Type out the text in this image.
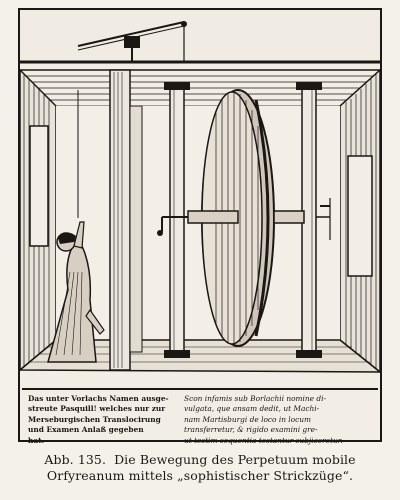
Das unter Vorlachs Namen ausge-
streute Pasquill! welches nur zur
Merseburgischen Translocirung
und Examen Anlaß gegeben
hat.
Scon infamis sub Borlachii nomine di-
vulgata, que ansam dedit, ut Machi-
nam Martisburgi de loco in locum
transferretur, & rigido examini gre-
ut testim sequentia testantur subjiceretur.
Abb. 135. Die Bewegung des Perpetuum mobile Orfyreanum mittels „sophistischer Strickzüge“.
